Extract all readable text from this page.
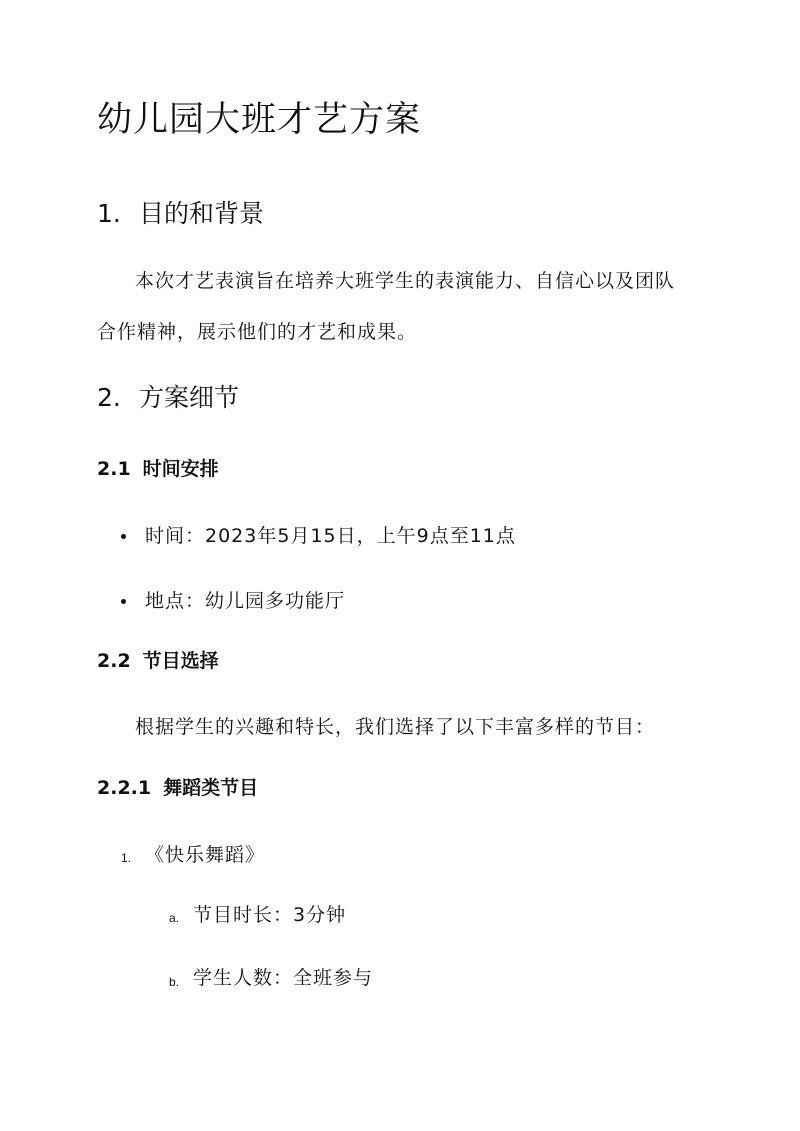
幼儿园大班才艺方案
1. 目的和背景
本次才艺表演旨在培养大班学生的表演能力、自信心以及团队
合作精神，展示他们的才艺和成果。
2. 方案细节
2.1 时间安排
时间：2023年5月15日，上午9点至11点
地点：幼儿园多功能厅
2.2 节目选择
根据学生的兴趣和特长，我们选择了以下丰富多样的节目：
2.2.1 舞蹈类节目
1. 《快乐舞蹈》
a. 节目时长：3分钟
b. 学生人数：全班参与
